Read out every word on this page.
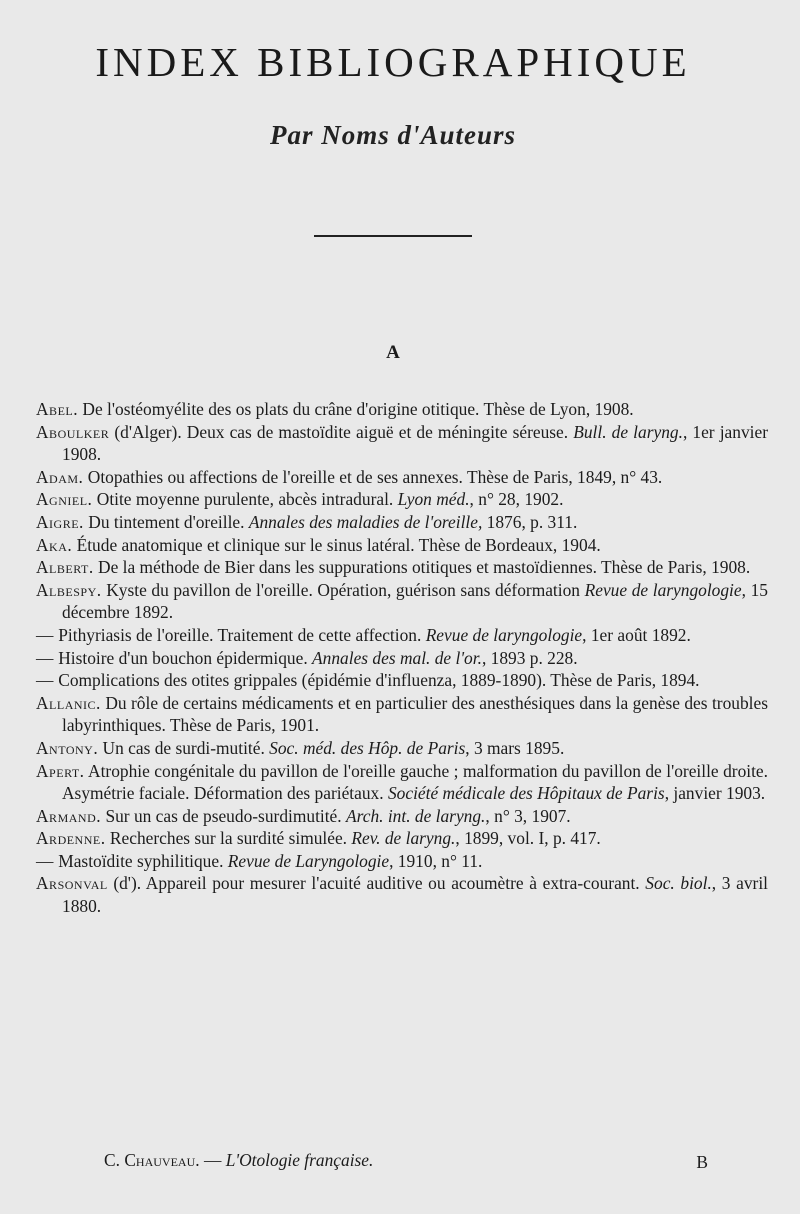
INDEX BIBLIOGRAPHIQUE
Par Noms d'Auteurs
A

Abel. De l'ostéomyélite des os plats du crâne d'origine otitique. Thèse de Lyon, 1908.

Aboulker (d'Alger). Deux cas de mastoïdite aiguë et de méningite séreuse. Bull. de laryng., 1er janvier 1908.

Adam. Otopathies ou affections de l'oreille et de ses annexes. Thèse de Paris, 1849, n° 43.

Agniel. Otite moyenne purulente, abcès intradural. Lyon méd., n° 28, 1902.

Aigre. Du tintement d'oreille. Annales des maladies de l'oreille, 1876, p. 311.

Aka. Étude anatomique et clinique sur le sinus latéral. Thèse de Bordeaux, 1904.

Albert. De la méthode de Bier dans les suppurations otitiques et mastoïdiennes. Thèse de Paris, 1908.

Albespy. Kyste du pavillon de l'oreille. Opération, guérison sans déformation Revue de laryngologie, 15 décembre 1892.

— Pithyriasis de l'oreille. Traitement de cette affection. Revue de laryngologie, 1er août 1892.

— Histoire d'un bouchon épidermique. Annales des mal. de l'or., 1893 p. 228.

— Complications des otites grippales (épidémie d'influenza, 1889-1890). Thèse de Paris, 1894.

Allanic. Du rôle de certains médicaments et en particulier des anesthésiques dans la genèse des troubles labyrinthiques. Thèse de Paris, 1901.

Antony. Un cas de surdi-mutité. Soc. méd. des Hôp. de Paris, 3 mars 1895.

Apert. Atrophie congénitale du pavillon de l'oreille gauche ; malformation du pavillon de l'oreille droite. Asymétrie faciale. Déformation des pariétaux. Société médicale des Hôpitaux de Paris, janvier 1903.

Armand. Sur un cas de pseudo-surdimutité. Arch. int. de laryng., n° 3, 1907.

Ardenne. Recherches sur la surdité simulée. Rev. de laryng., 1899, vol. I, p. 417.

— Mastoïdite syphilitique. Revue de Laryngologie, 1910, n° 11.

Arsonval (d'). Appareil pour mesurer l'acuité auditive ou acoumètre à extra-courant. Soc. biol., 3 avril 1880.

C. Chauveau. — L'Otologie française.	B
